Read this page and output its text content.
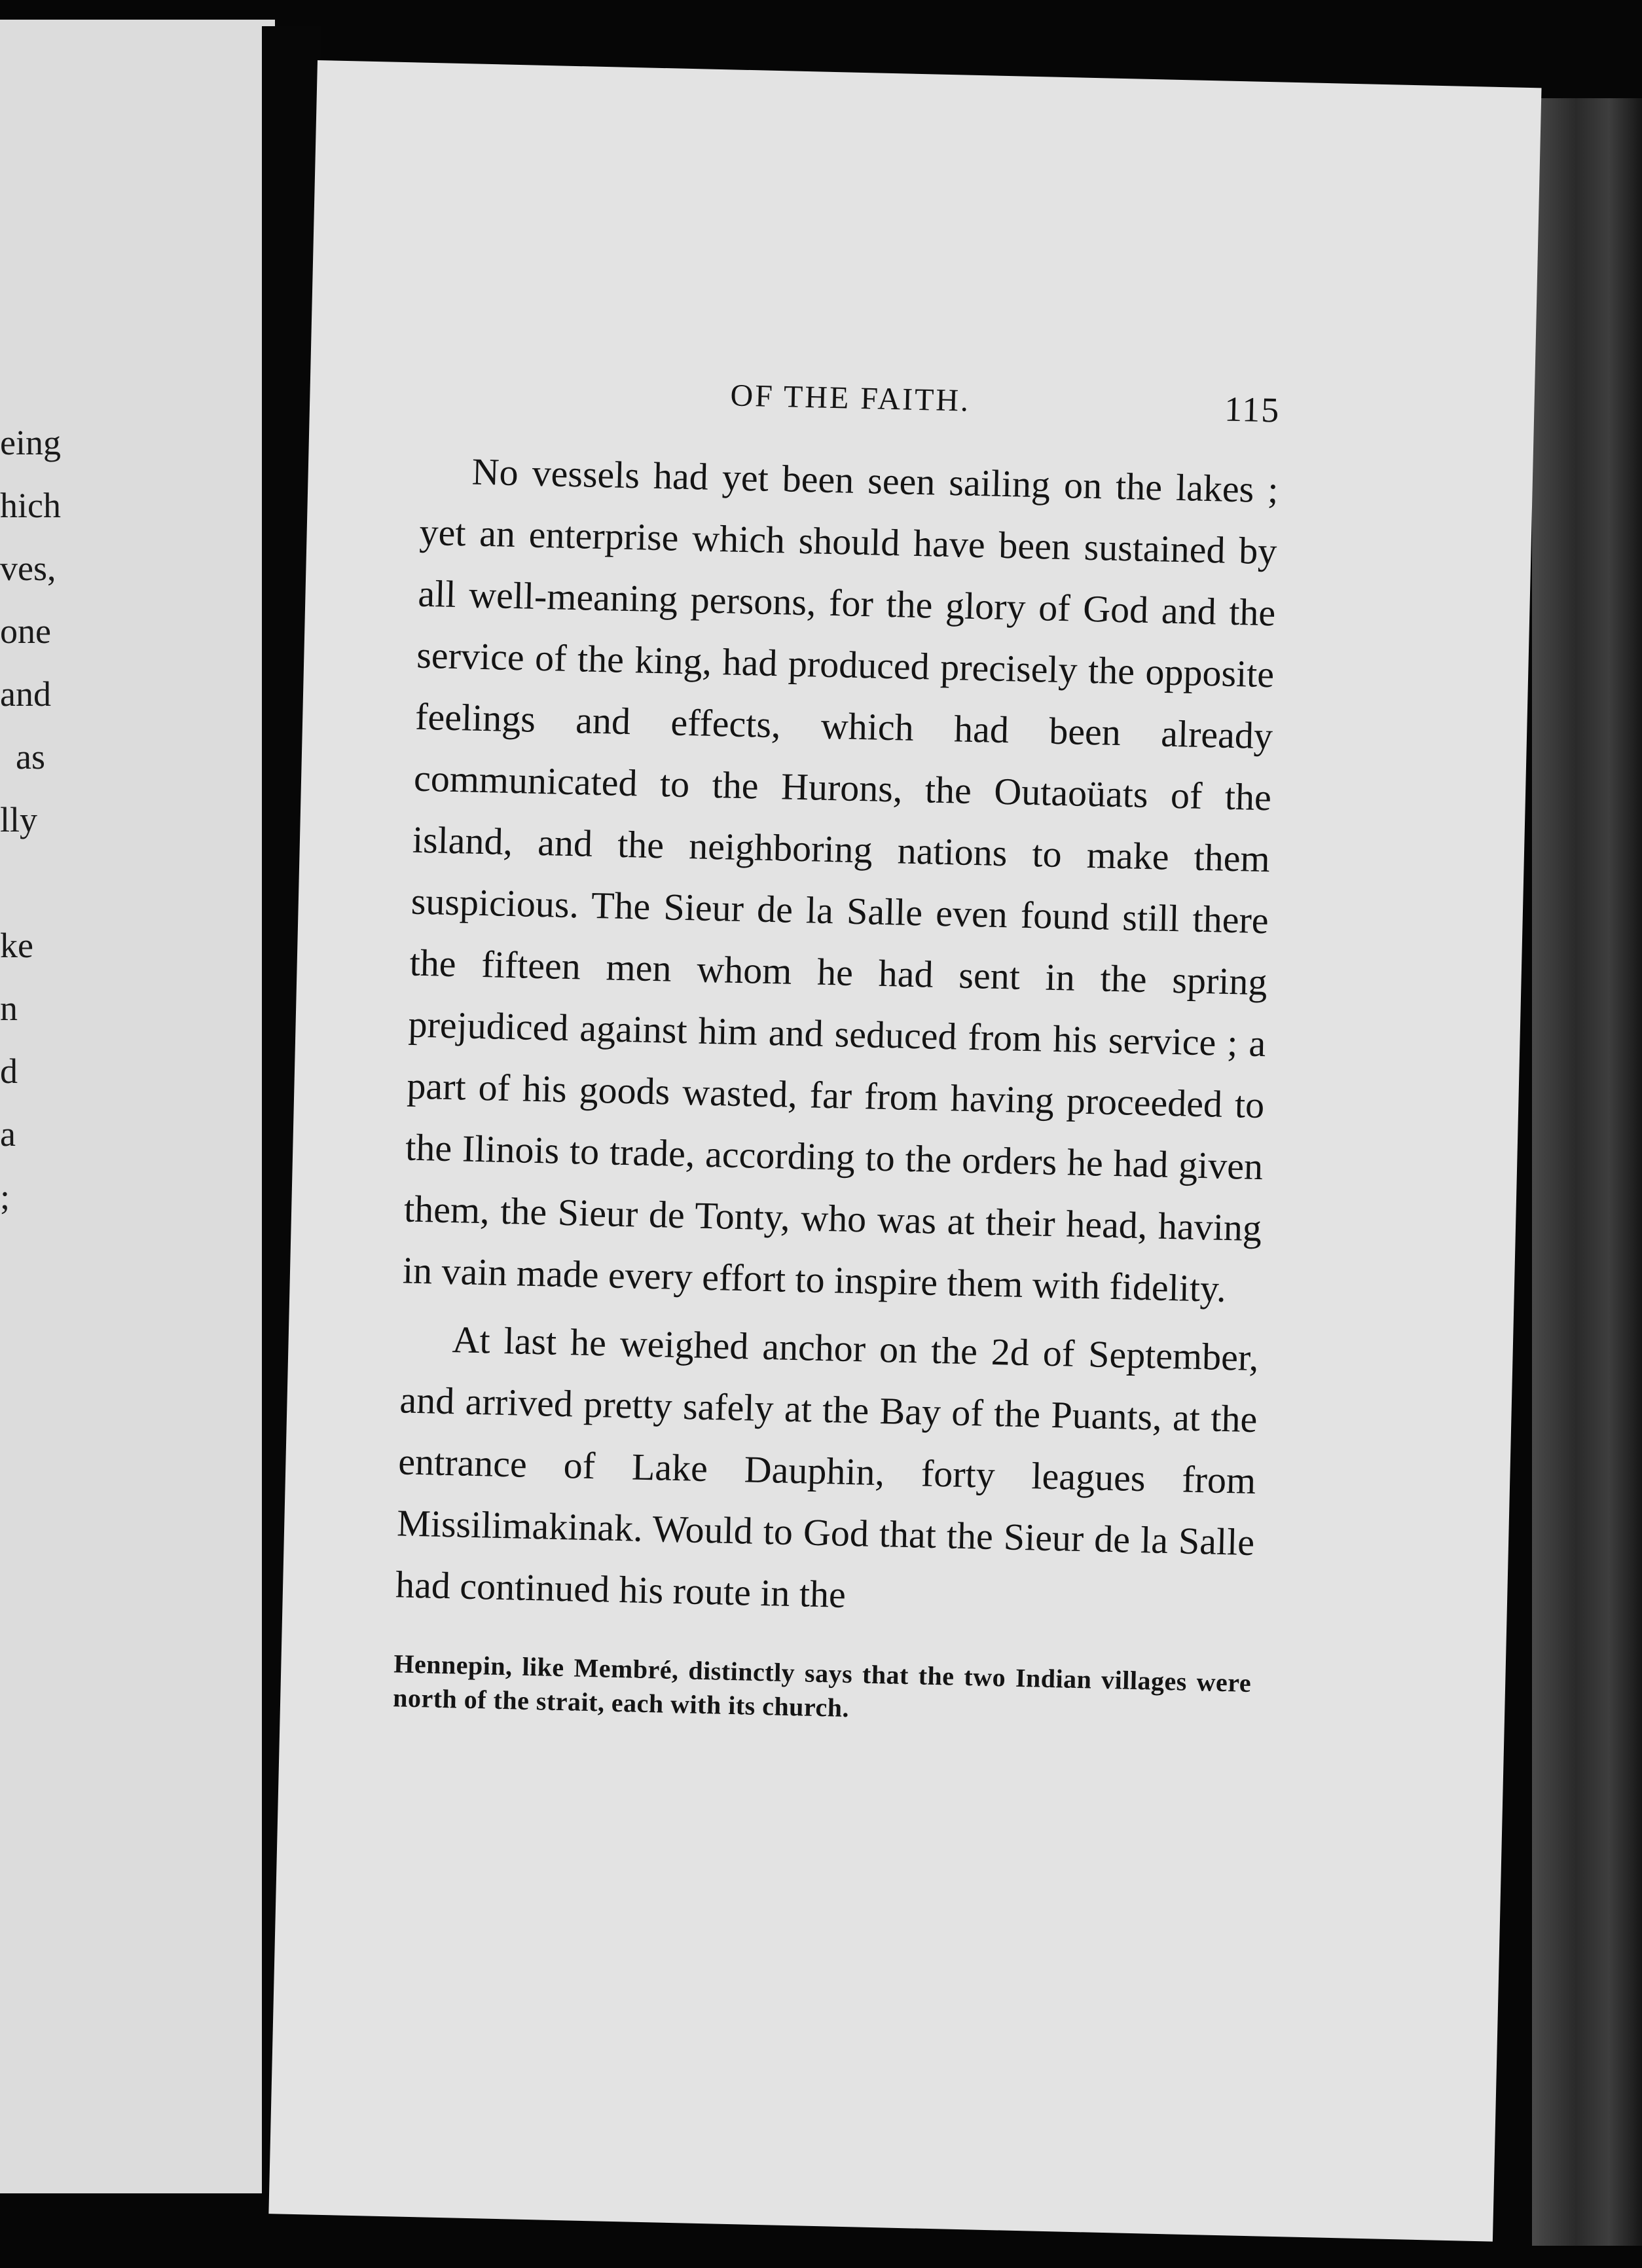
eing
hich
ves,
one
and
as
lly
ke
n
d
a
;
OF THE FAITH.	115

No vessels had yet been seen sailing on the lakes ; yet an enterprise which should have been sustained by all well-meaning persons, for the glory of God and the service of the king, had produced precisely the opposite feelings and effects, which had been already communicated to the Hurons, the Outaoüats of the island, and the neighboring nations to make them suspicious. The Sieur de la Salle even found still there the fifteen men whom he had sent in the spring prejudiced against him and seduced from his service ; a part of his goods wasted, far from having proceeded to the Ilinois to trade, according to the orders he had given them, the Sieur de Tonty, who was at their head, having in vain made every effort to inspire them with fidelity.

At last he weighed anchor on the 2d of September, and arrived pretty safely at the Bay of the Puants, at the entrance of Lake Dauphin, forty leagues from Missilimakinak. Would to God that the Sieur de la Salle had continued his route in the

Hennepin, like Membré, distinctly says that the two Indian villages were north of the strait, each with its church.
